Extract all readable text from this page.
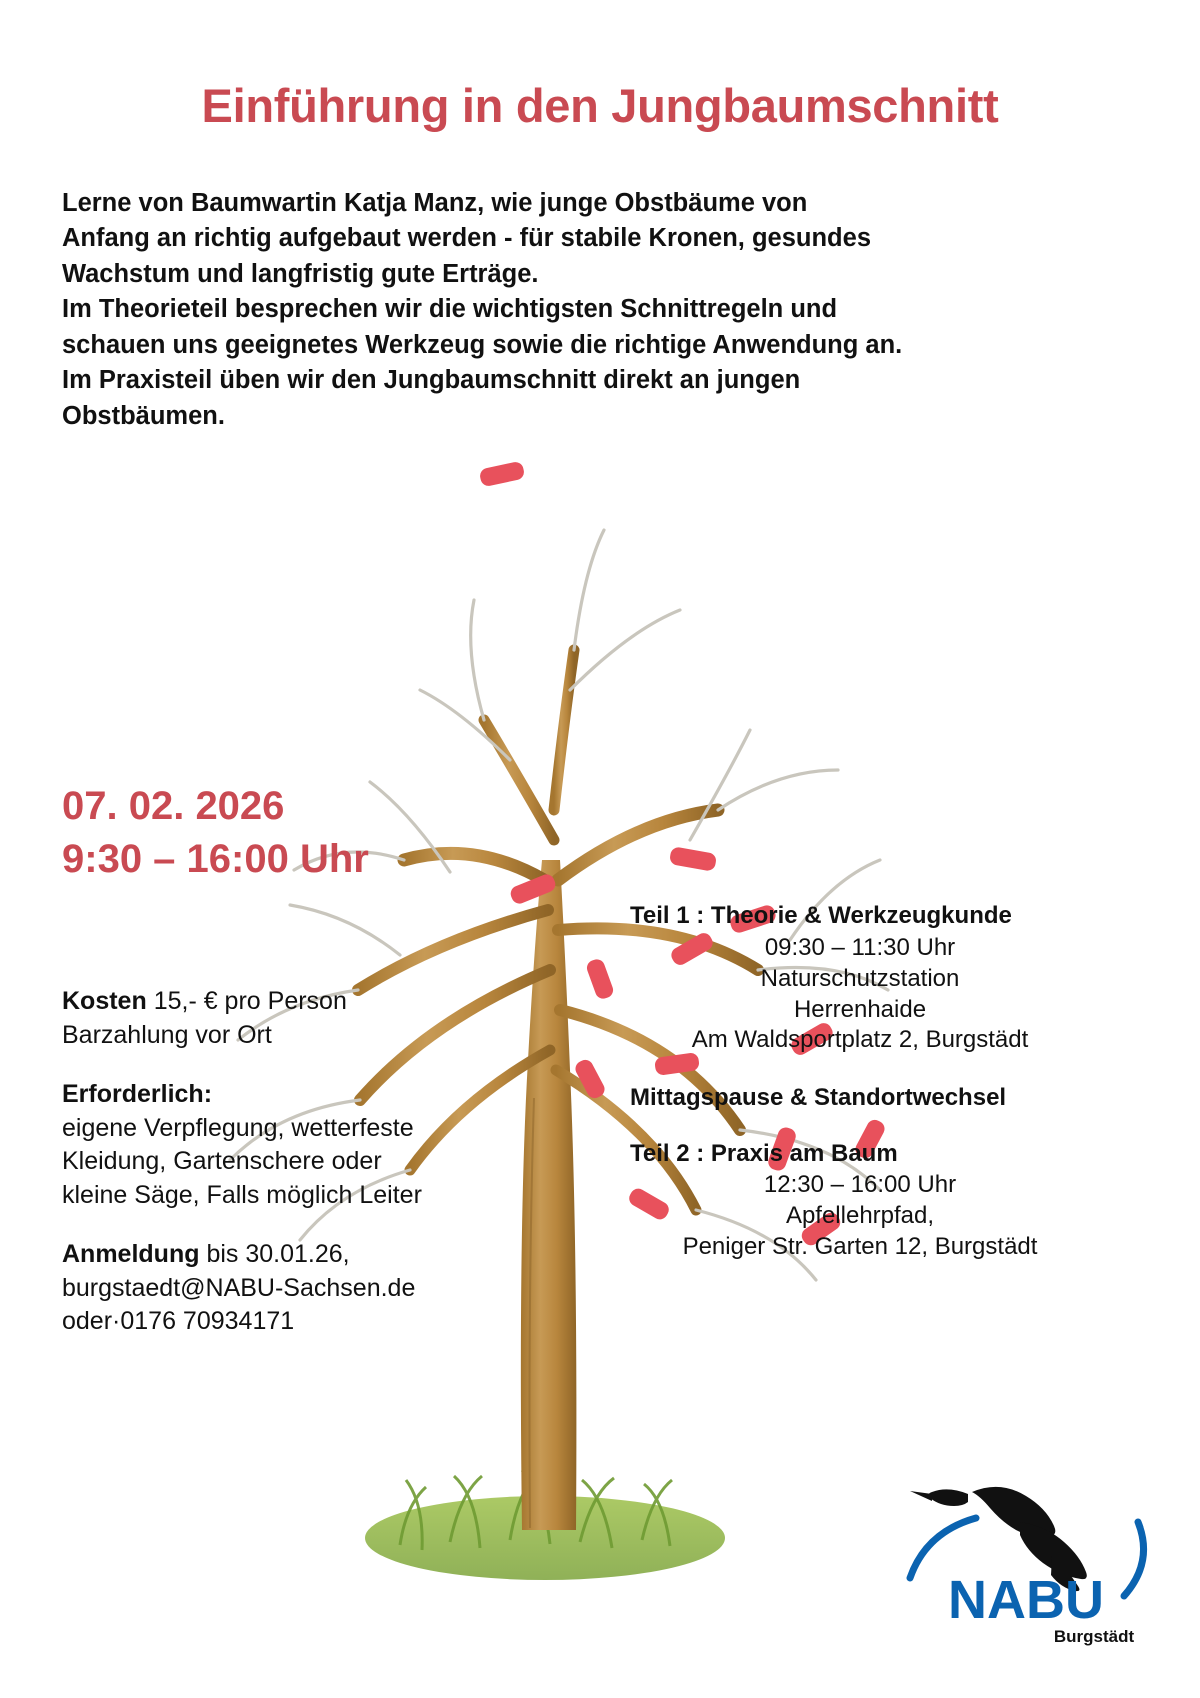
Einführung in den Jungbaumschnitt

Lerne von Baumwartin Katja Manz, wie junge Obstbäume von

Anfang an richtig aufgebaut werden - für stabile Kronen, gesundes

Wachstum und langfristig gute Erträge.

Im Theorieteil besprechen wir die wichtigsten Schnittregeln und

schauen uns geeignetes Werkzeug sowie die richtige Anwendung an.

Im Praxisteil üben wir den Jungbaumschnitt direkt an jungen

Obstbäumen.

07. 02. 2026
9:30 – 16:00 Uhr
Kosten 15,- € pro Person
Barzahlung vor Ort
Erforderlich:
eigene Verpflegung, wetterfeste
Kleidung, Gartenschere oder
kleine Säge, Falls möglich Leiter
Anmeldung bis 30.01.26,
burgstaedt@NABU-Sachsen.de
oder·0176 70934171
Teil 1 : Theorie & Werkzeugkunde
09:30 – 11:30 Uhr
Naturschutzstation
Herrenhaide
Am Waldsportplatz 2, Burgstädt
Mittagspause & Standortwechsel
Teil 2 : Praxis am Baum
12:30 – 16:00 Uhr
Apfellehrpfad,
Peniger Str. Garten 12, Burgstädt
NABU
Burgstädt
